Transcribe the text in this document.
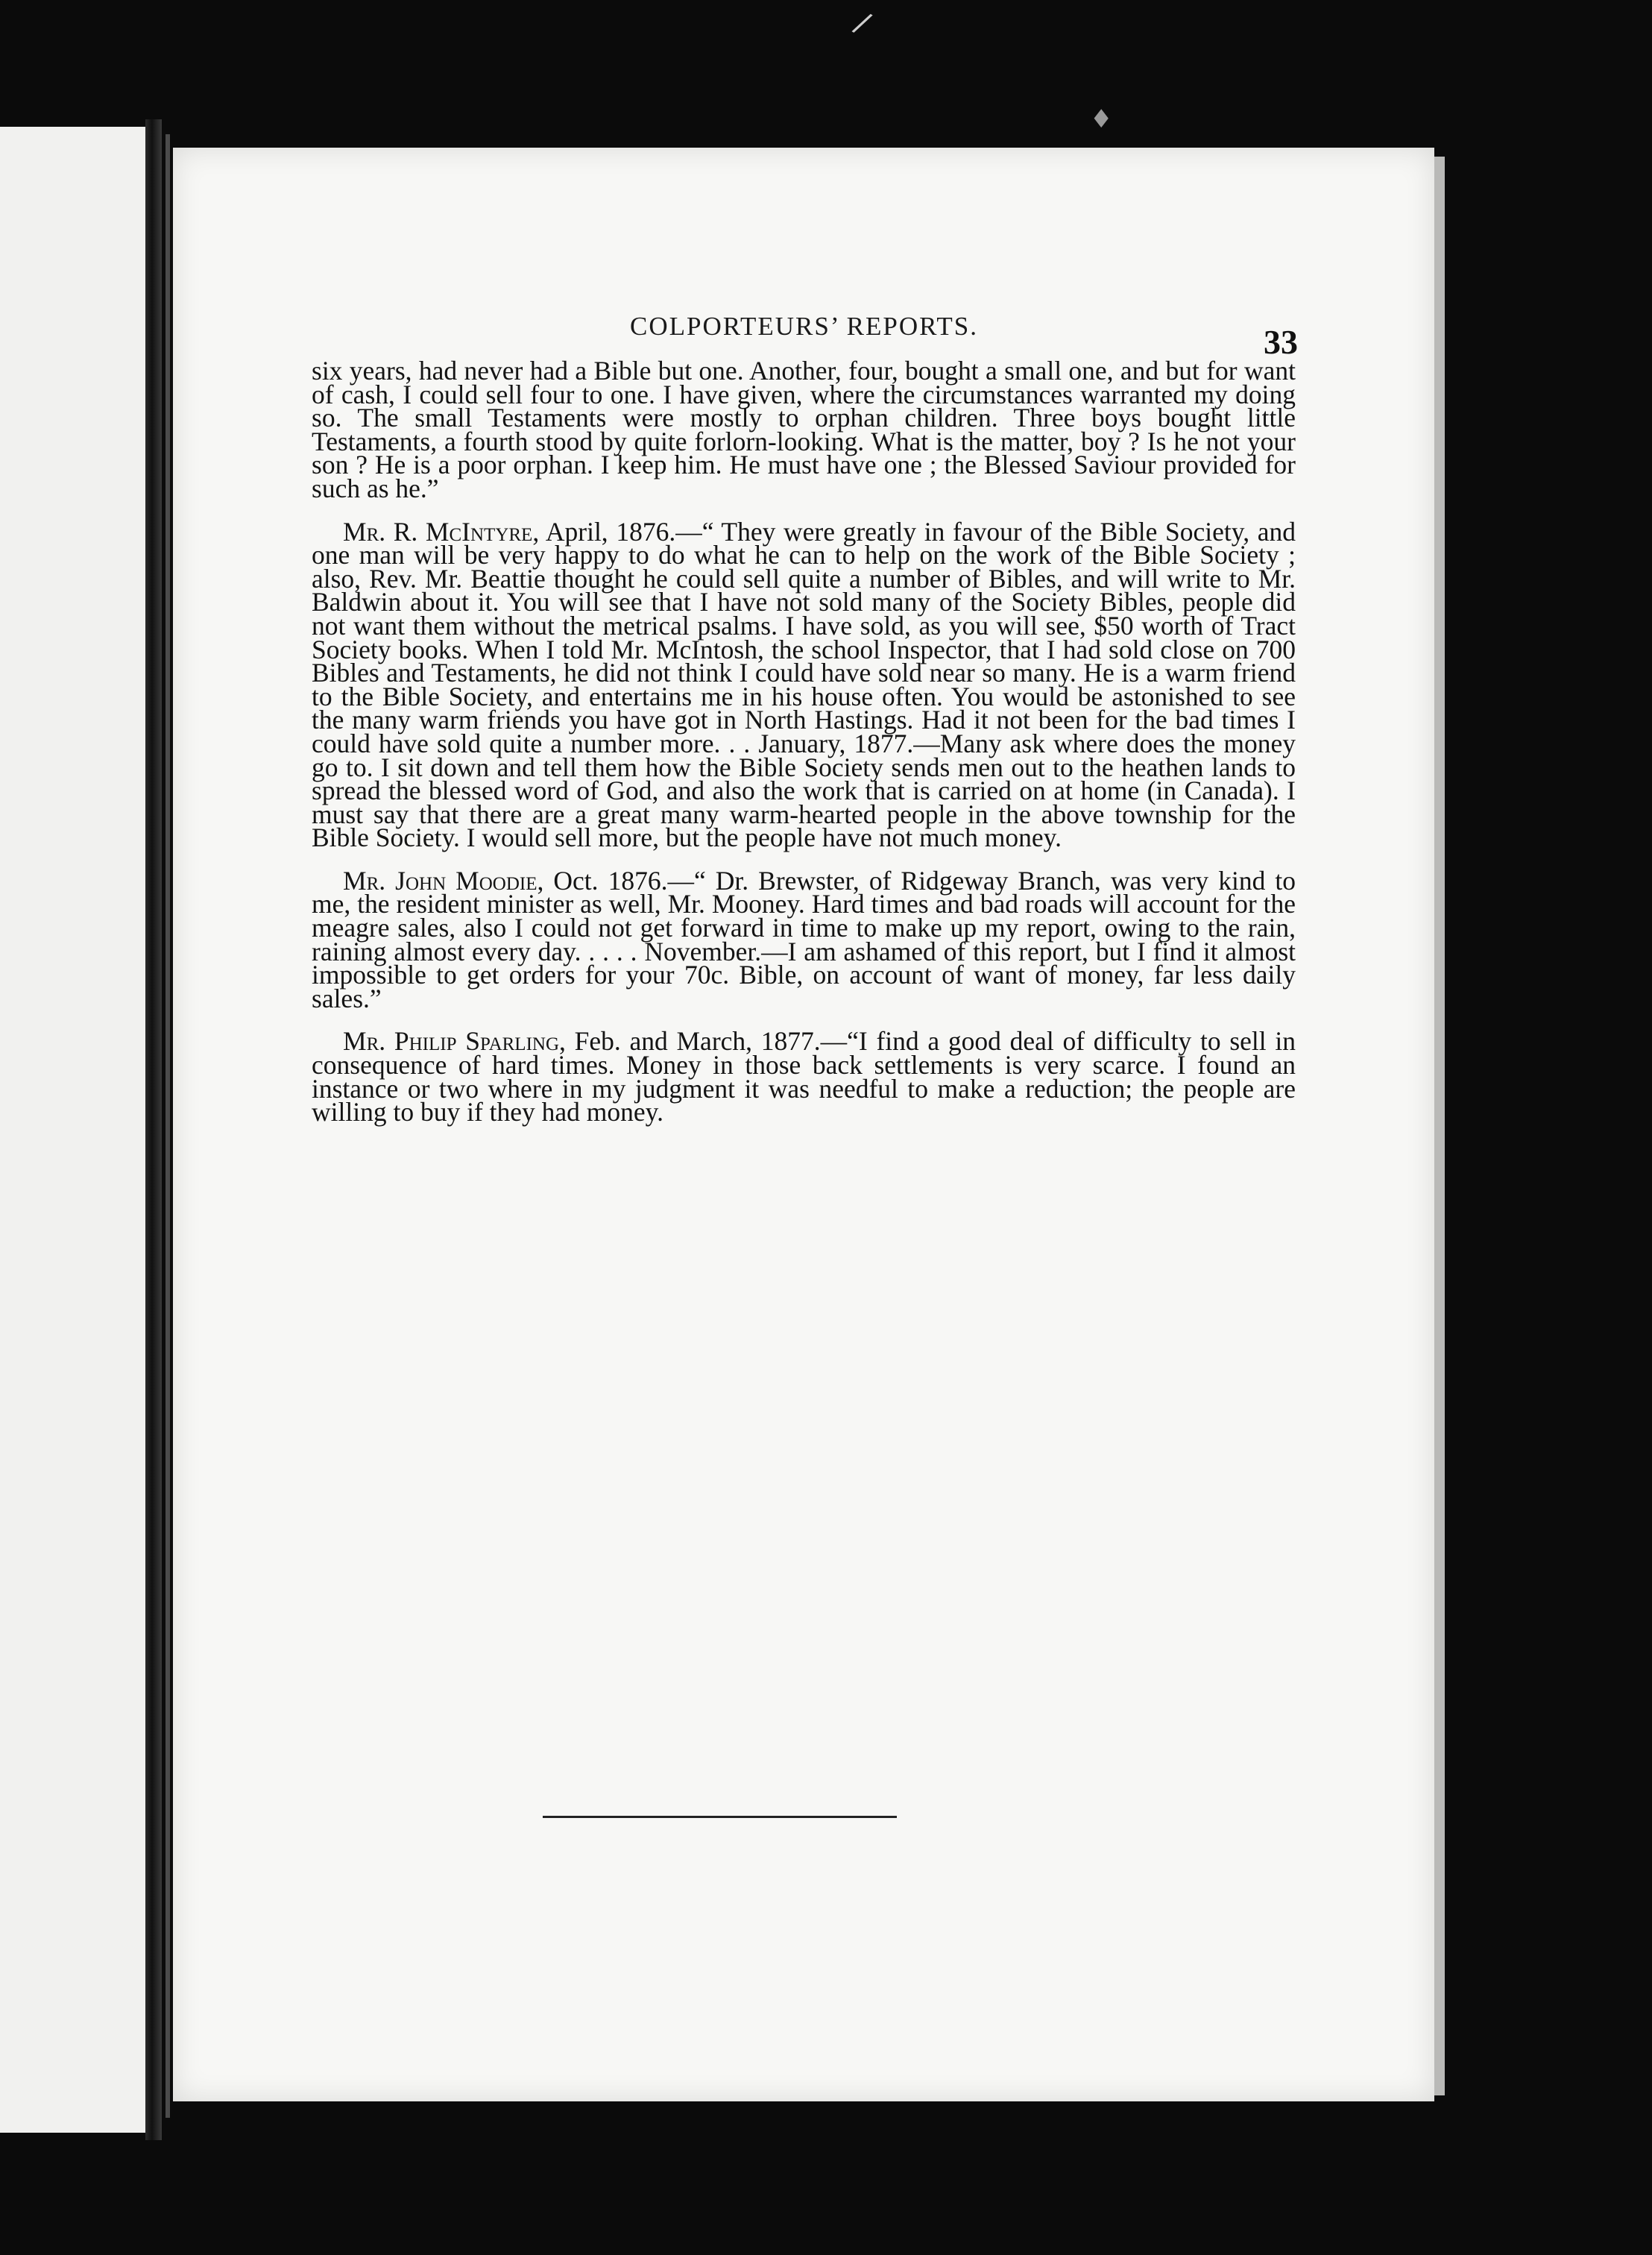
/
♦
COLPORTEURS’ REPORTS.	33

six years, had never had a Bible but one. Another, four, bought a small one, and but for want of cash, I could sell four to one. I have given, where the circumstances warranted my doing so. The small Testaments were mostly to orphan children. Three boys bought little Testaments, a fourth stood by quite forlorn-looking. What is the matter, boy ? Is he not your son ? He is a poor orphan. I keep him. He must have one ; the Blessed Saviour provided for such as he.”

Mr. R. McIntyre, April, 1876.—“ They were greatly in favour of the Bible Society, and one man will be very happy to do what he can to help on the work of the Bible Society ; also, Rev. Mr. Beattie thought he could sell quite a number of Bibles, and will write to Mr. Baldwin about it. You will see that I have not sold many of the Society Bibles, people did not want them without the metrical psalms. I have sold, as you will see, $50 worth of Tract Society books. When I told Mr. McIntosh, the school Inspector, that I had sold close on 700 Bibles and Testaments, he did not think I could have sold near so many. He is a warm friend to the Bible Society, and entertains me in his house often. You would be astonished to see the many warm friends you have got in North Hastings. Had it not been for the bad times I could have sold quite a number more. . . January, 1877.—Many ask where does the money go to. I sit down and tell them how the Bible Society sends men out to the heathen lands to spread the blessed word of God, and also the work that is carried on at home (in Canada). I must say that there are a great many warm-hearted people in the above township for the Bible Society. I would sell more, but the people have not much money.

Mr. John Moodie, Oct. 1876.—“ Dr. Brewster, of Ridgeway Branch, was very kind to me, the resident minister as well, Mr. Mooney. Hard times and bad roads will account for the meagre sales, also I could not get forward in time to make up my report, owing to the rain, raining almost every day. . . . . November.—I am ashamed of this report, but I find it almost impossible to get orders for your 70c. Bible, on account of want of money, far less daily sales.”

Mr. Philip Sparling, Feb. and March, 1877.—“I find a good deal of difficulty to sell in consequence of hard times. Money in those back settlements is very scarce. I found an instance or two where in my judgment it was needful to make a reduction; the people are willing to buy if they had money.
